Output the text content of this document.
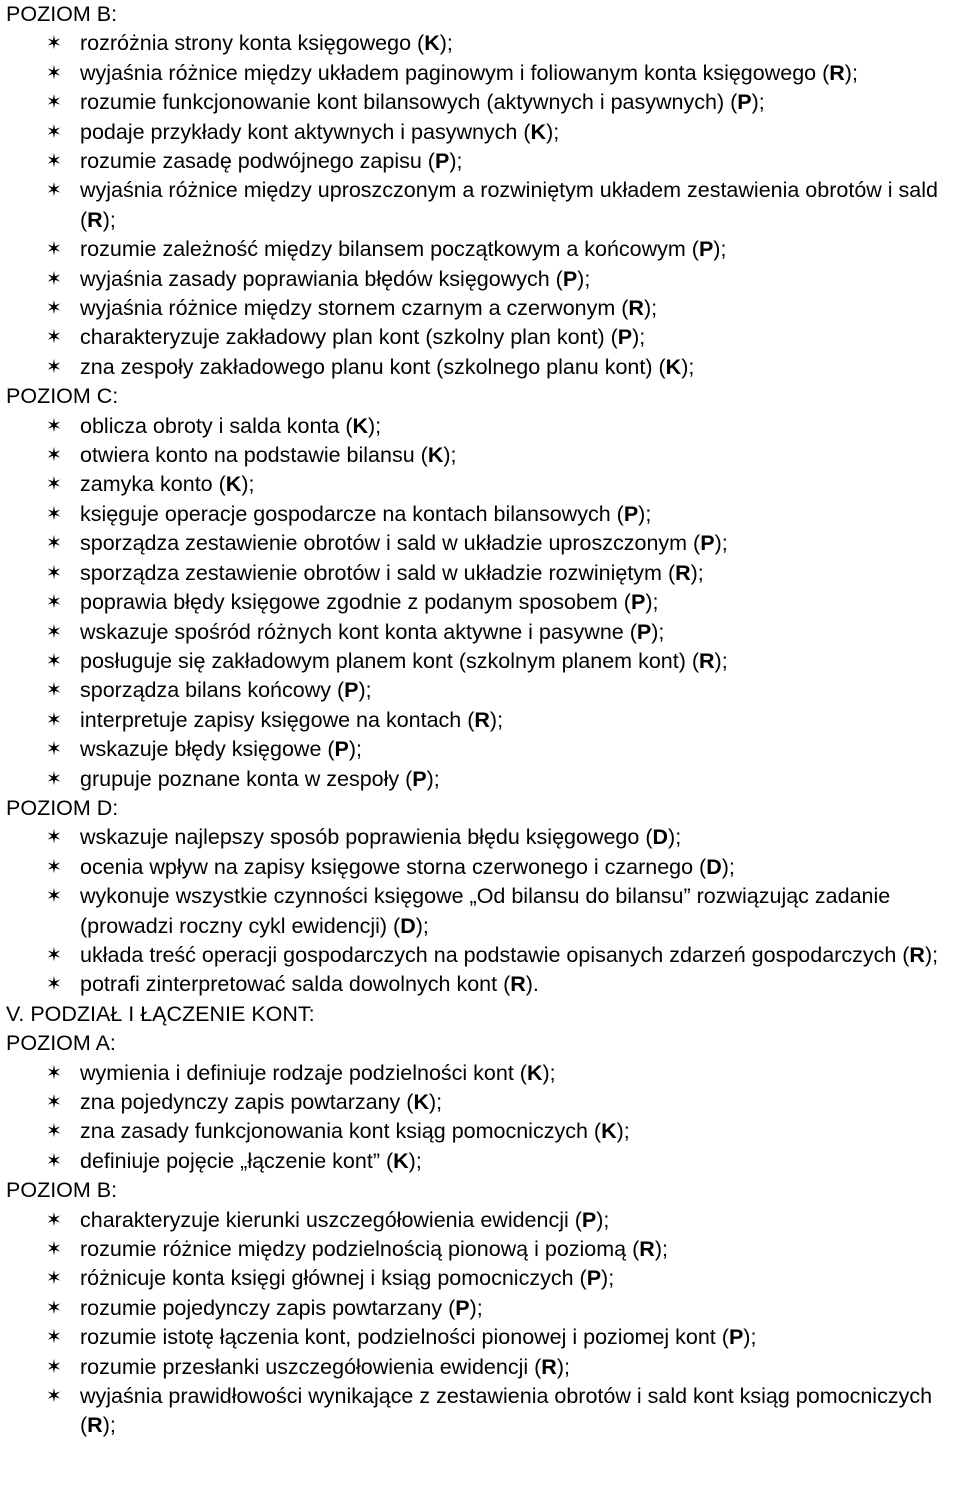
POZIOM B:
✶ rozróżnia strony konta księgowego (K);
✶ wyjaśnia różnice między układem paginowym i foliowanym konta księgowego (R);
✶ rozumie funkcjonowanie kont bilansowych (aktywnych i pasywnych) (P);
✶ podaje przykłady kont aktywnych i pasywnych (K);
✶ rozumie zasadę podwójnego zapisu (P);
✶ wyjaśnia różnice między uproszczonym a rozwiniętym układem zestawienia obrotów i sald (R);
✶ rozumie zależność między bilansem początkowym a końcowym (P);
✶ wyjaśnia zasady poprawiania błędów księgowych (P);
✶ wyjaśnia różnice między stornem czarnym a czerwonym (R);
✶ charakteryzuje zakładowy plan kont (szkolny plan kont) (P);
✶ zna zespoły zakładowego planu kont (szkolnego planu kont) (K);
POZIOM C:
✶ oblicza obroty i salda konta (K);
✶ otwiera konto na podstawie bilansu (K);
✶ zamyka konto (K);
✶ księguje operacje gospodarcze na kontach bilansowych (P);
✶ sporządza zestawienie obrotów i sald w układzie uproszczonym (P);
✶ sporządza zestawienie obrotów i sald w układzie rozwiniętym (R);
✶ poprawia błędy księgowe zgodnie z podanym sposobem (P);
✶ wskazuje spośród różnych kont konta aktywne i pasywne (P);
✶ posługuje się zakładowym planem kont (szkolnym planem kont) (R);
✶ sporządza bilans końcowy (P);
✶ interpretuje zapisy księgowe na kontach (R);
✶ wskazuje błędy księgowe (P);
✶ grupuje poznane konta w zespoły (P);
POZIOM D:
✶ wskazuje najlepszy sposób poprawienia błędu księgowego (D);
✶ ocenia wpływ na zapisy księgowe storna czerwonego i czarnego (D);
✶ wykonuje wszystkie czynności księgowe „Od bilansu do bilansu” rozwiązując zadanie (prowadzi roczny cykl ewidencji) (D);
✶ układa treść operacji gospodarczych na podstawie opisanych zdarzeń gospodarczych (R);
✶ potrafi zinterpretować salda dowolnych kont (R).
V. PODZIAŁ I ŁĄCZENIE KONT:
POZIOM A:
✶ wymienia i definiuje rodzaje podzielności kont (K);
✶ zna pojedynczy zapis powtarzany (K);
✶ zna zasady funkcjonowania kont ksiąg pomocniczych (K);
✶ definiuje pojęcie „łączenie kont” (K);
POZIOM B:
✶ charakteryzuje kierunki uszczegółowienia ewidencji (P);
✶ rozumie różnice między podzielnością pionową i poziomą (R);
✶ różnicuje konta księgi głównej i ksiąg pomocniczych (P);
✶ rozumie pojedynczy zapis powtarzany (P);
✶ rozumie istotę łączenia kont, podzielności pionowej i poziomej kont (P);
✶ rozumie przesłanki uszczegółowienia ewidencji (R);
✶ wyjaśnia prawidłowości wynikające z zestawienia obrotów i sald kont ksiąg pomocniczych (R);
